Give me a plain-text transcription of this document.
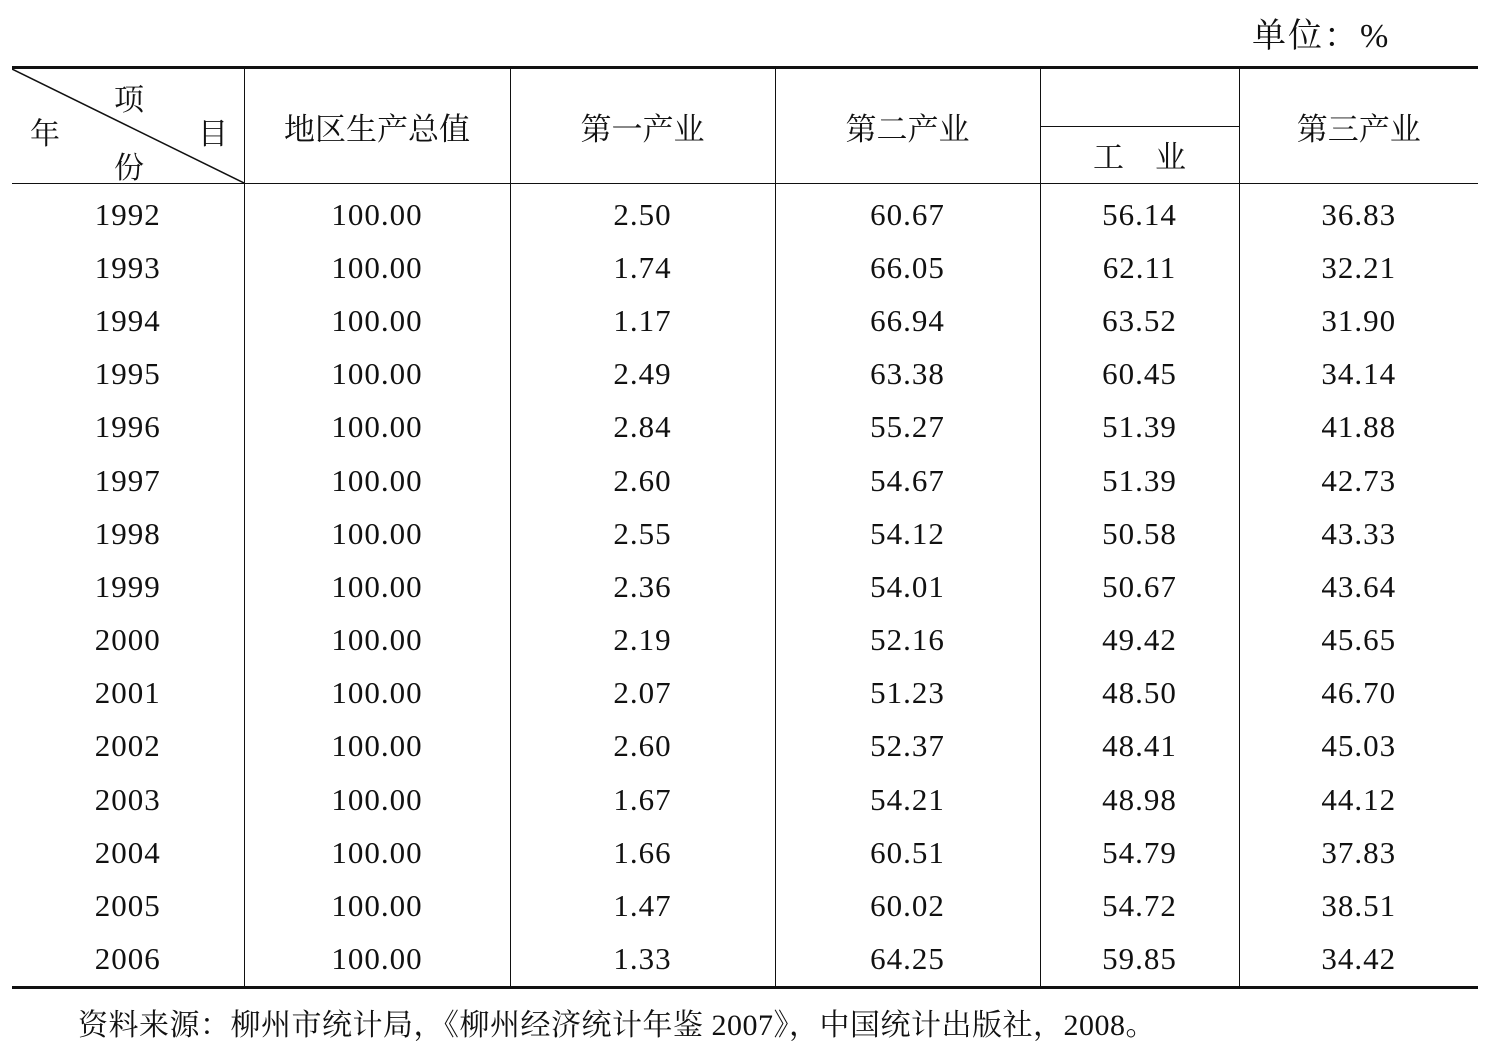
单位：%
项
目
年
份	地区生产总值	第一产业	第二产业		第三产业
				工　业	
1992	100.00	2.50	60.67	56.14	36.83
1993	100.00	1.74	66.05	62.11	32.21
1994	100.00	1.17	66.94	63.52	31.90
1995	100.00	2.49	63.38	60.45	34.14
1996	100.00	2.84	55.27	51.39	41.88
1997	100.00	2.60	54.67	51.39	42.73
1998	100.00	2.55	54.12	50.58	43.33
1999	100.00	2.36	54.01	50.67	43.64
2000	100.00	2.19	52.16	49.42	45.65
2001	100.00	2.07	51.23	48.50	46.70
2002	100.00	2.60	52.37	48.41	45.03
2003	100.00	1.67	54.21	48.98	44.12
2004	100.00	1.66	60.51	54.79	37.83
2005	100.00	1.47	60.02	54.72	38.51
2006	100.00	1.33	64.25	59.85	34.42
资料来源：柳州市统计局，《柳州经济统计年鉴 2007》，中国统计出版社，2008。
